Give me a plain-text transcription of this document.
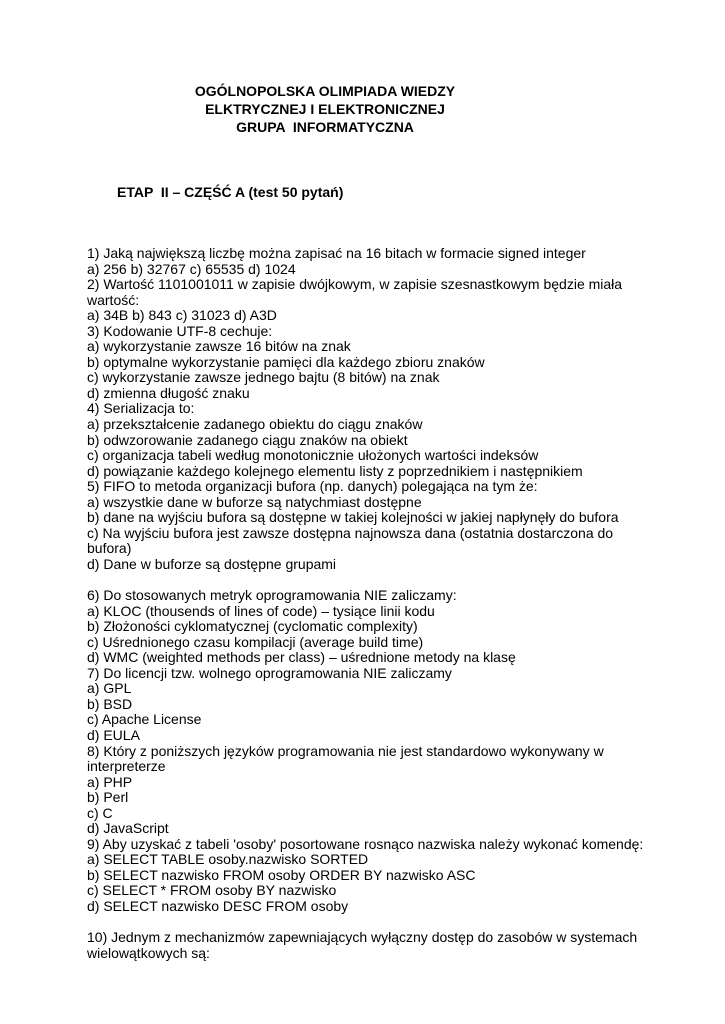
OGÓLNOPOLSKA OLIMPIADA WIEDZY
ELKTRYCZNEJ I ELEKTRONICZNEJ
GRUPA  INFORMATYCZNA
ETAP  II – CZĘŚĆ A (test 50 pytań)
1) Jaką największą liczbę można zapisać na 16 bitach w formacie signed integer
a) 256 b) 32767 c) 65535 d) 1024
2) Wartość 1101001011 w zapisie dwójkowym, w zapisie szesnastkowym będzie miała
wartość:
a) 34B b) 843 c) 31023 d) A3D
3) Kodowanie UTF-8 cechuje:
a) wykorzystanie zawsze 16 bitów na znak
b) optymalne wykorzystanie pamięci dla każdego zbioru znaków
c) wykorzystanie zawsze jednego bajtu (8 bitów) na znak
d) zmienna długość znaku
4) Serializacja to:
a) przekształcenie zadanego obiektu do ciągu znaków
b) odwzorowanie zadanego ciągu znaków na obiekt
c) organizacja tabeli według monotonicznie ułożonych wartości indeksów
d) powiązanie każdego kolejnego elementu listy z poprzednikiem i następnikiem
5) FIFO to metoda organizacji bufora (np. danych) polegająca na tym że:
a) wszystkie dane w buforze są natychmiast dostępne
b) dane na wyjściu bufora są dostępne w takiej kolejności w jakiej napłynęły do bufora
c) Na wyjściu bufora jest zawsze dostępna najnowsza dana (ostatnia dostarczona do bufora)
d) Dane w buforze są dostępne grupami
6) Do stosowanych metryk oprogramowania NIE zaliczamy:
a) KLOC (thousends of lines of code) – tysiące linii kodu
b) Złożoności cyklomatycznej (cyclomatic complexity)
c) Uśrednionego czasu kompilacji (average build time)
d) WMC (weighted methods per class) – uśrednione metody na klasę
7) Do licencji tzw. wolnego oprogramowania NIE zaliczamy
a) GPL
b) BSD
c) Apache License
d) EULA
8) Który z poniższych języków programowania nie jest standardowo wykonywany w
interpreterze
a) PHP
b) Perl
c) C
d) JavaScript
9) Aby uzyskać z tabeli 'osoby' posortowane rosnąco nazwiska należy wykonać komendę:
a) SELECT TABLE osoby.nazwisko SORTED
b) SELECT nazwisko FROM osoby ORDER BY nazwisko ASC
c) SELECT * FROM osoby BY nazwisko
d) SELECT nazwisko DESC FROM osoby
10) Jednym z mechanizmów zapewniających wyłączny dostęp do zasobów w systemach
wielowątkowych są:
